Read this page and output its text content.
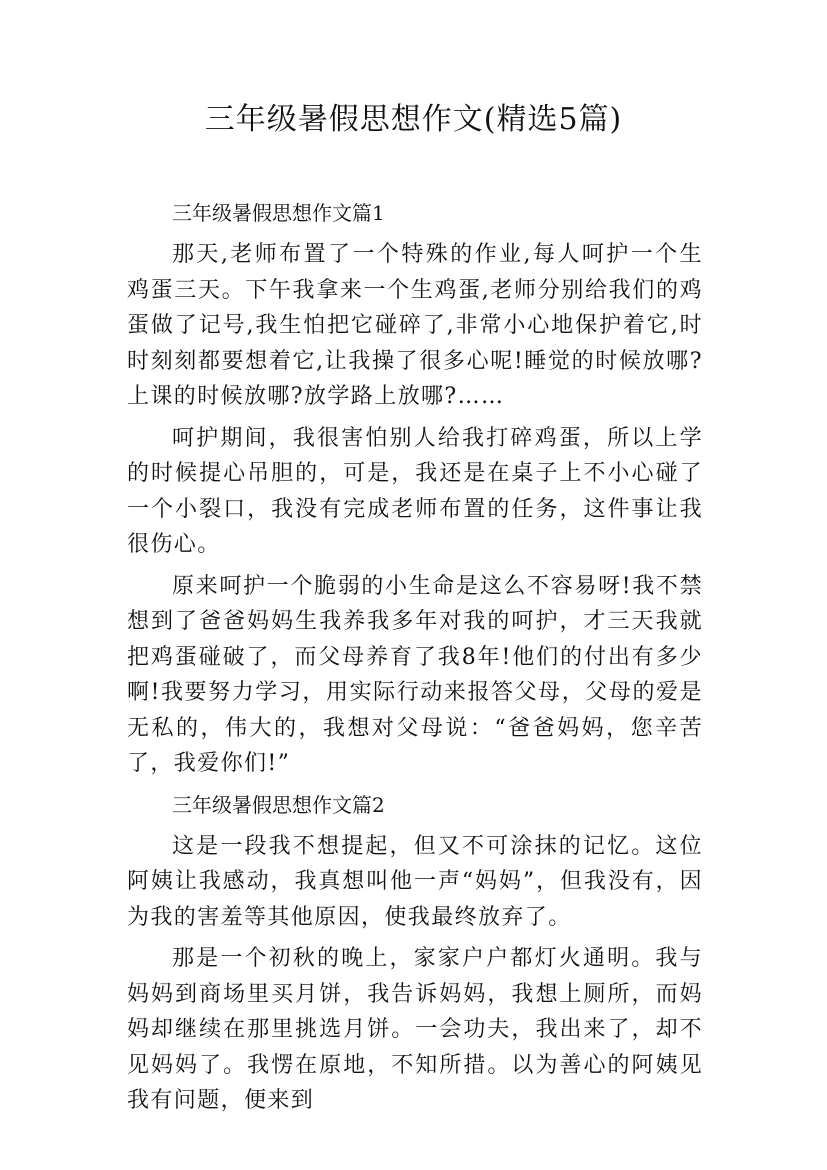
三年级暑假思想作文(精选5篇)

三年级暑假思想作文篇1

那天,老师布置了一个特殊的作业,每人呵护一个生鸡蛋三天。下午我拿来一个生鸡蛋,老师分别给我们的鸡蛋做了记号,我生怕把它碰碎了,非常小心地保护着它,时时刻刻都要想着它,让我操了很多心呢!睡觉的时候放哪?上课的时候放哪?放学路上放哪?……

呵护期间，我很害怕别人给我打碎鸡蛋，所以上学的时候提心吊胆的，可是，我还是在桌子上不小心碰了一个小裂口，我没有完成老师布置的任务，这件事让我很伤心。

原来呵护一个脆弱的小生命是这么不容易呀!我不禁想到了爸爸妈妈生我养我多年对我的呵护，才三天我就把鸡蛋碰破了，而父母养育了我8年!他们的付出有多少啊!我要努力学习，用实际行动来报答父母，父母的爱是无私的，伟大的，我想对父母说：“爸爸妈妈，您辛苦了，我爱你们!”

三年级暑假思想作文篇2

这是一段我不想提起，但又不可涂抹的记忆。这位阿姨让我感动，我真想叫他一声“妈妈”，但我没有，因为我的害羞等其他原因，使我最终放弃了。

那是一个初秋的晚上，家家户户都灯火通明。我与妈妈到商场里买月饼，我告诉妈妈，我想上厕所，而妈妈却继续在那里挑选月饼。一会功夫，我出来了，却不见妈妈了。我愣在原地，不知所措。以为善心的阿姨见我有问题，便来到
